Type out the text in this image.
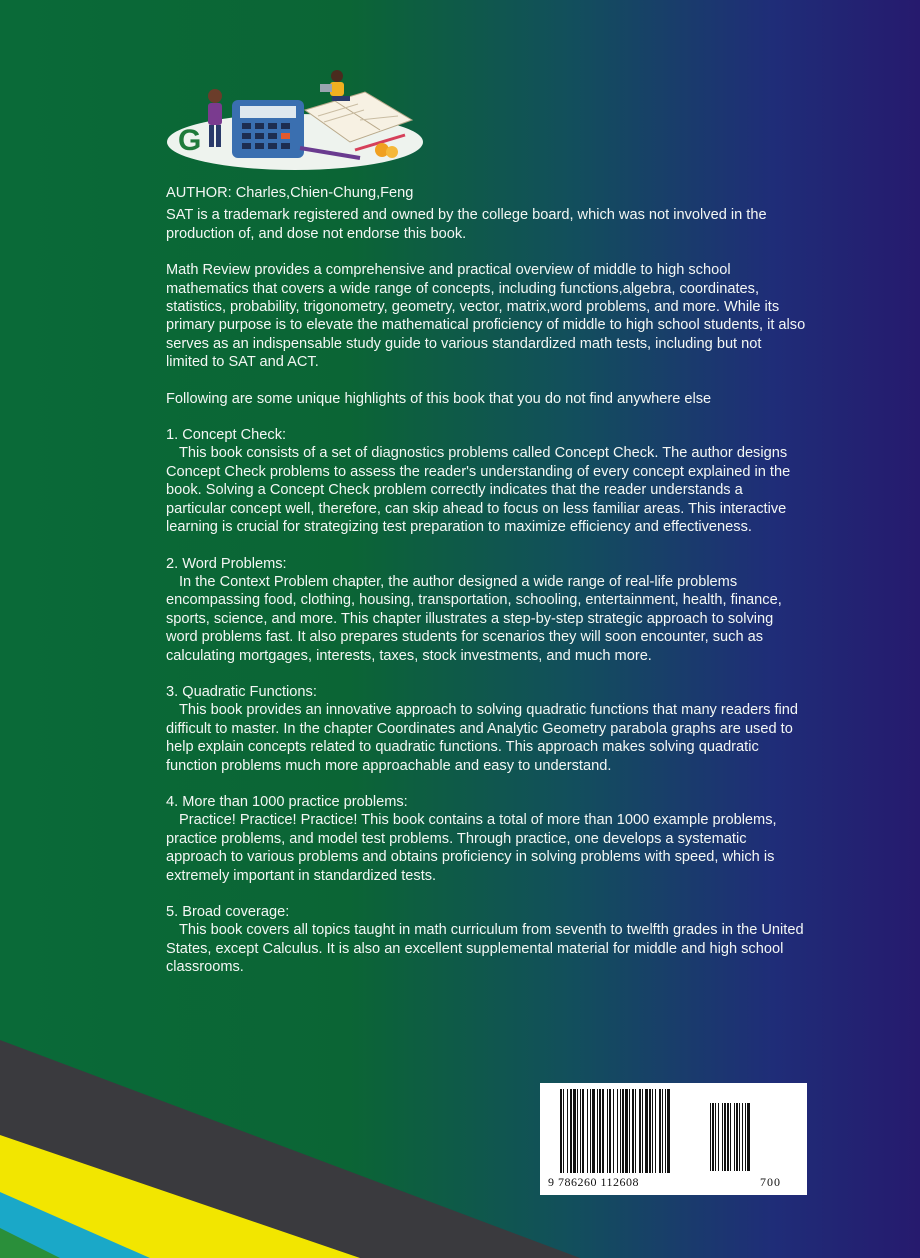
G

AUTHOR: Charles,Chien-Chung,Feng

SAT is a trademark registered and owned by the college board, which was not involved in the production of, and dose not endorse this book.

Math Review provides a comprehensive and practical overview of middle to high school mathematics that covers a wide range of concepts, including functions,algebra, coordinates, statistics, probability, trigonometry, geometry, vector, matrix,word problems, and more. While its primary purpose is to elevate the mathematical proficiency of middle to high school students, it also serves as an indispensable study guide to various standardized math tests, including but not limited to SAT and ACT.

Following are some unique highlights of this book that you do not find anywhere else

1. Concept Check:
This book consists of a set of diagnostics problems called Concept Check. The author designs Concept Check problems to assess the reader's understanding of every concept explained in the book. Solving a Concept Check problem correctly indicates that the reader understands a particular concept well, therefore, can skip ahead to focus on less familiar areas. This interactive learning is crucial for strategizing test preparation to maximize efficiency and effectiveness.
2. Word Problems:
In the Context Problem chapter, the author designed a wide range of real-life problems encompassing food, clothing, housing, transportation, schooling, entertainment, health, finance, sports, science, and more. This chapter illustrates a step-by-step strategic approach to solving word problems fast. It also prepares students for scenarios they will soon encounter, such as calculating mortgages, interests, taxes, stock investments, and much more.
3. Quadratic Functions:
This book provides an innovative approach to solving quadratic functions that many readers find difficult to master. In the chapter Coordinates and Analytic Geometry parabola graphs are used to help explain concepts related to quadratic functions. This approach makes solving quadratic function problems much more approachable and easy to understand.
4. More than 1000 practice problems:
Practice! Practice! Practice! This book contains a total of more than 1000 example problems, practice problems, and model test problems. Through practice, one develops a systematic approach to various problems and obtains proficiency in solving problems with speed, which is extremely important in standardized tests.
5. Broad coverage:
This book covers all topics taught in math curriculum from seventh to twelfth grades in the United States, except Calculus. It is also an excellent supplemental material for middle and high school classrooms.
9 786260 112608	700
